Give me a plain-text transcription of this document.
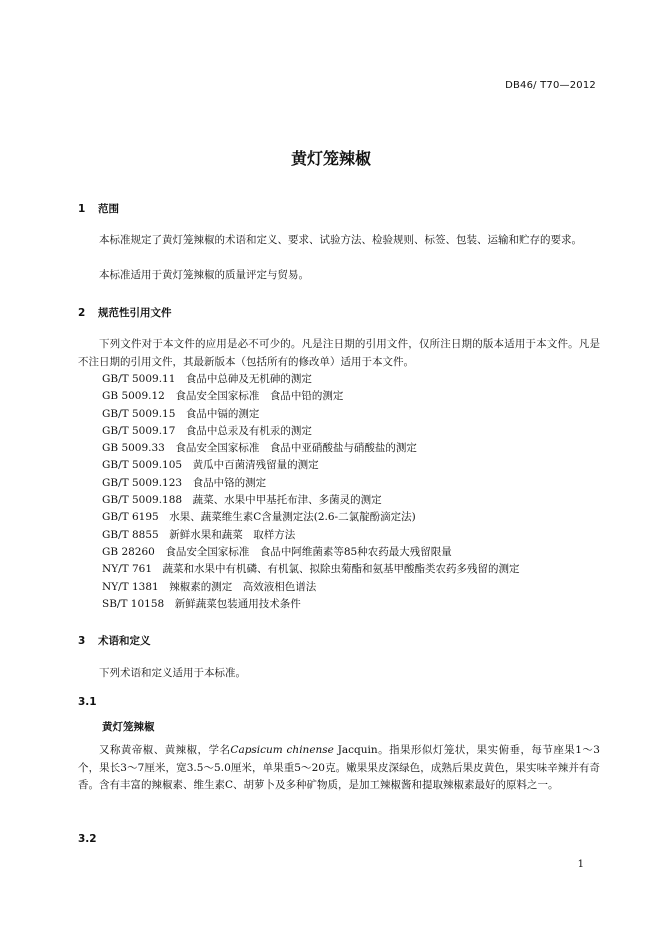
DB46/ T70—2012
黄灯笼辣椒
1 范围
本标准规定了黄灯笼辣椒的术语和定义、要求、试验方法、检验规则、标签、包装、运输和贮存的要求。
本标准适用于黄灯笼辣椒的质量评定与贸易。
2 规范性引用文件
下列文件对于本文件的应用是必不可少的。凡是注日期的引用文件，仅所注日期的版本适用于本文件。凡是不注日期的引用文件，其最新版本（包括所有的修改单）适用于本文件。
GB/T 5009.11　 食品中总砷及无机砷的测定
GB 5009.12　 食品安全国家标准　食品中铅的测定
GB/T 5009.15　 食品中镉的测定
GB/T 5009.17　 食品中总汞及有机汞的测定
GB 5009.33　 食品安全国家标准　食品中亚硝酸盐与硝酸盐的测定
GB/T 5009.105　 黄瓜中百菌清残留量的测定
GB/T 5009.123　 食品中铬的测定
GB/T 5009.188　 蔬菜、水果中甲基托布津、多菌灵的测定
GB/T 6195　 水果、蔬菜维生素C含量测定法(2.6-二氯靛酚滴定法)
GB/T 8855　 新鲜水果和蔬菜　取样方法
GB 28260　 食品安全国家标准　食品中阿维菌素等85种农药最大残留限量
NY/T 761　 蔬菜和水果中有机磷、有机氯、拟除虫菊酯和氨基甲酸酯类农药多残留的测定
NY/T 1381　 辣椒素的测定　高效液相色谱法
SB/T 10158　 新鲜蔬菜包装通用技术条件
3 术语和定义
下列术语和定义适用于本标准。
3.1
黄灯笼辣椒
又称黄帝椒、黄辣椒，学名Capsicum chinense Jacquin。指果形似灯笼状，果实俯垂，每节座果1～3个，果长3～7厘米，宽3.5～5.0厘米，单果重5～20克。嫩果果皮深绿色，成熟后果皮黄色，果实味辛辣并有奇香。含有丰富的辣椒素、维生素C、胡萝卜及多种矿物质，是加工辣椒酱和提取辣椒素最好的原料之一。
3.2
1
